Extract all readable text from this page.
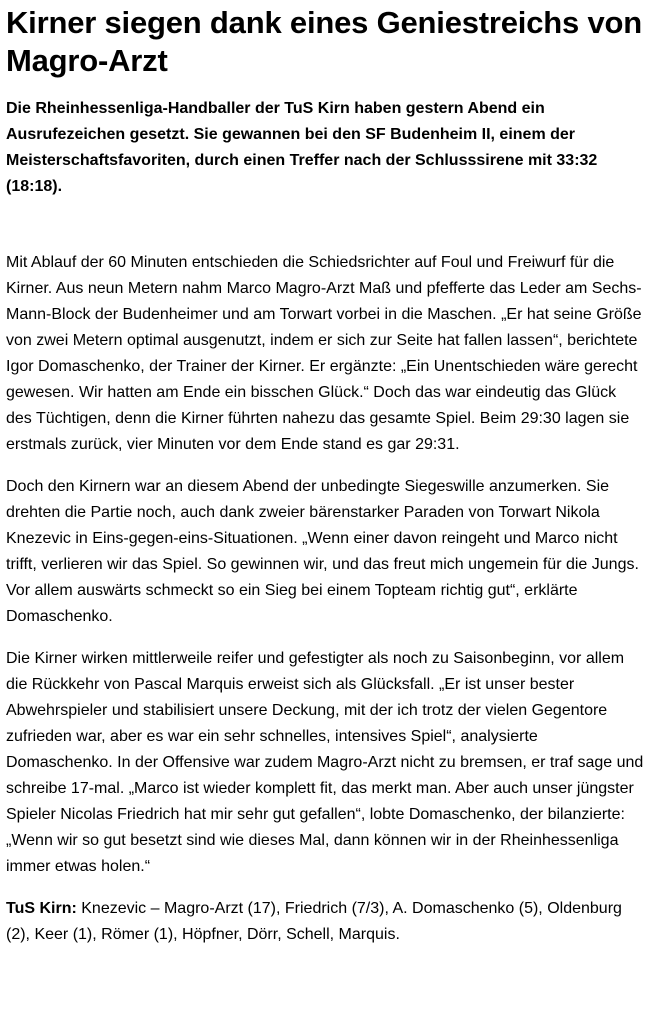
Kirner siegen dank eines Geniestreichs von Magro-Arzt

Die Rheinhessenliga-Handballer der TuS Kirn haben gestern Abend ein Ausrufezeichen gesetzt. Sie gewannen bei den SF Budenheim II, einem der Meisterschaftsfavoriten, durch einen Treffer nach der Schlusssirene mit 33:32 (18:18).

Mit Ablauf der 60 Minuten entschieden die Schiedsrichter auf Foul und Freiwurf für die Kirner. Aus neun Metern nahm Marco Magro-Arzt Maß und pfefferte das Leder am Sechs-Mann-Block der Budenheimer und am Torwart vorbei in die Maschen. „Er hat seine Größe von zwei Metern optimal ausgenutzt, indem er sich zur Seite hat fallen lassen“, berichtete Igor Domaschenko, der Trainer der Kirner. Er ergänzte: „Ein Unentschieden wäre gerecht gewesen. Wir hatten am Ende ein bisschen Glück.“ Doch das war eindeutig das Glück des Tüchtigen, denn die Kirner führten nahezu das gesamte Spiel. Beim 29:30 lagen sie erstmals zurück, vier Minuten vor dem Ende stand es gar 29:31.

Doch den Kirnern war an diesem Abend der unbedingte Siegeswille anzumerken. Sie drehten die Partie noch, auch dank zweier bärenstarker Paraden von Torwart Nikola Knezevic in Eins-gegen-eins-Situationen. „Wenn einer davon reingeht und Marco nicht trifft, verlieren wir das Spiel. So gewinnen wir, und das freut mich ungemein für die Jungs. Vor allem auswärts schmeckt so ein Sieg bei einem Topteam richtig gut“, erklärte Domaschenko.

Die Kirner wirken mittlerweile reifer und gefestigter als noch zu Saisonbeginn, vor allem die Rückkehr von Pascal Marquis erweist sich als Glücksfall. „Er ist unser bester Abwehrspieler und stabilisiert unsere Deckung, mit der ich trotz der vielen Gegentore zufrieden war, aber es war ein sehr schnelles, intensives Spiel“, analysierte Domaschenko. In der Offensive war zudem Magro-Arzt nicht zu bremsen, er traf sage und schreibe 17-mal. „Marco ist wieder komplett fit, das merkt man. Aber auch unser jüngster Spieler Nicolas Friedrich hat mir sehr gut gefallen“, lobte Domaschenko, der bilanzierte: „Wenn wir so gut besetzt sind wie dieses Mal, dann können wir in der Rheinhessenliga immer etwas holen.“

TuS Kirn: Knezevic – Magro-Arzt (17), Friedrich (7/3), A. Domaschenko (5), Oldenburg (2), Keer (1), Römer (1), Höpfner, Dörr, Schell, Marquis.
